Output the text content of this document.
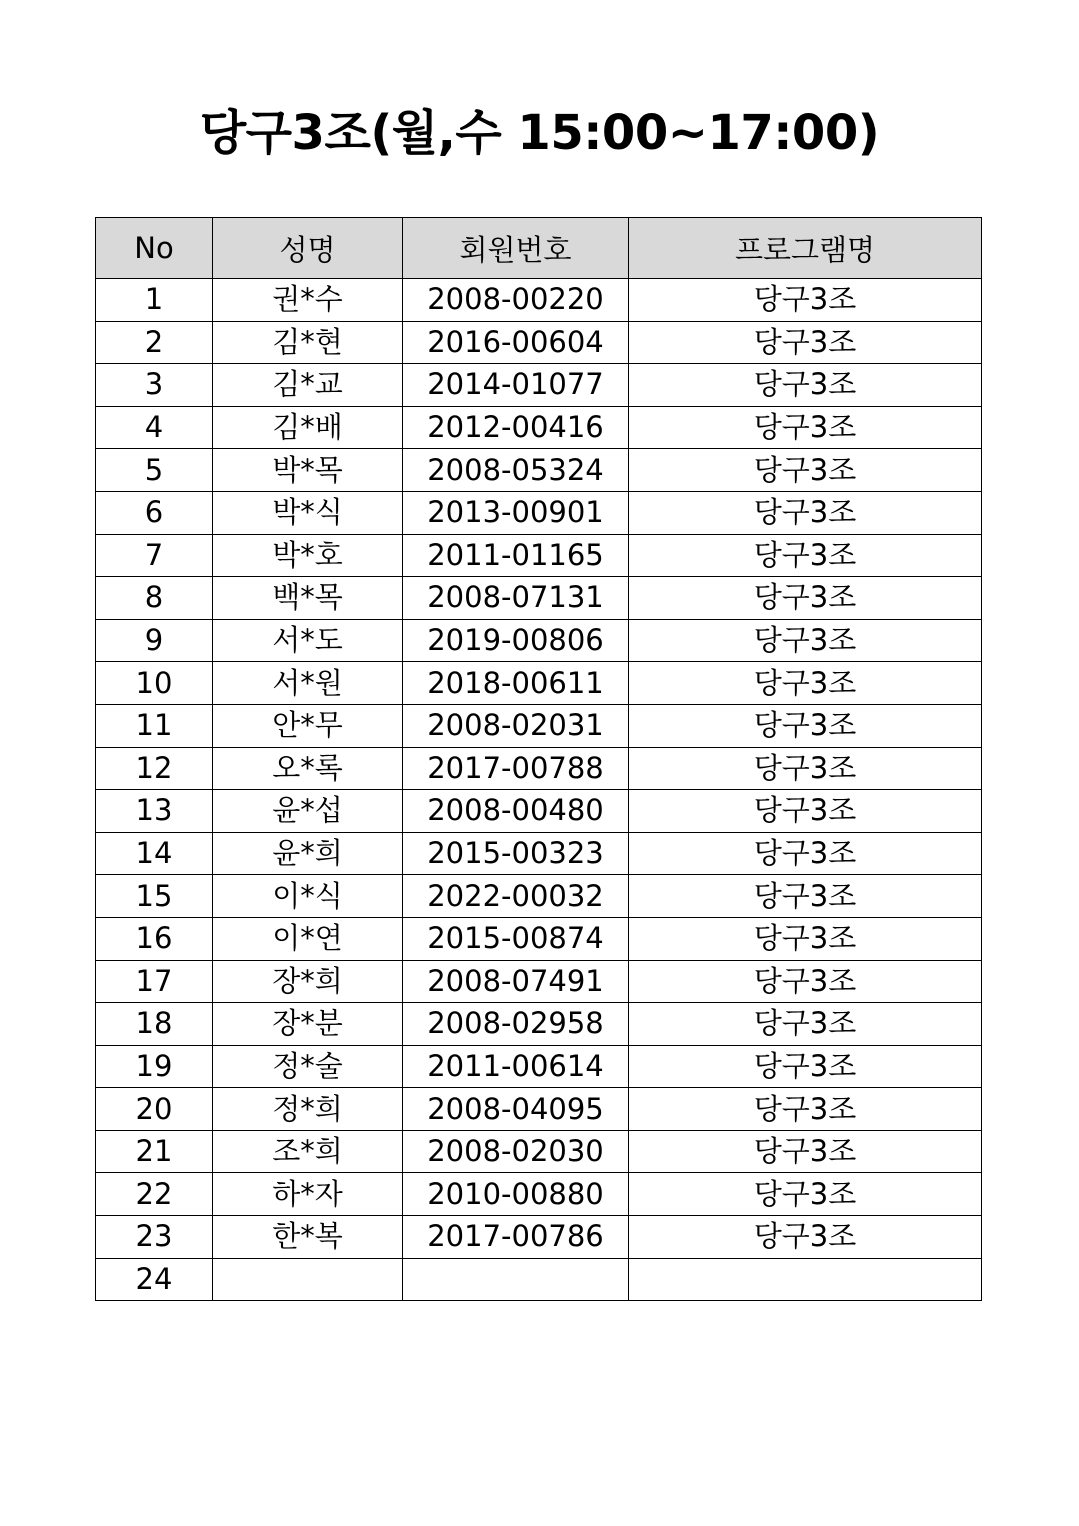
당구3조(월,수 15:00~17:00)
No	성명	회원번호	프로그램명
1	권*수	2008-00220	당구3조
2	김*현	2016-00604	당구3조
3	김*교	2014-01077	당구3조
4	김*배	2012-00416	당구3조
5	박*목	2008-05324	당구3조
6	박*식	2013-00901	당구3조
7	박*호	2011-01165	당구3조
8	백*목	2008-07131	당구3조
9	서*도	2019-00806	당구3조
10	서*원	2018-00611	당구3조
11	안*무	2008-02031	당구3조
12	오*록	2017-00788	당구3조
13	윤*섭	2008-00480	당구3조
14	윤*희	2015-00323	당구3조
15	이*식	2022-00032	당구3조
16	이*연	2015-00874	당구3조
17	장*희	2008-07491	당구3조
18	장*분	2008-02958	당구3조
19	정*술	2011-00614	당구3조
20	정*희	2008-04095	당구3조
21	조*희	2008-02030	당구3조
22	하*자	2010-00880	당구3조
23	한*복	2017-00786	당구3조
24			
